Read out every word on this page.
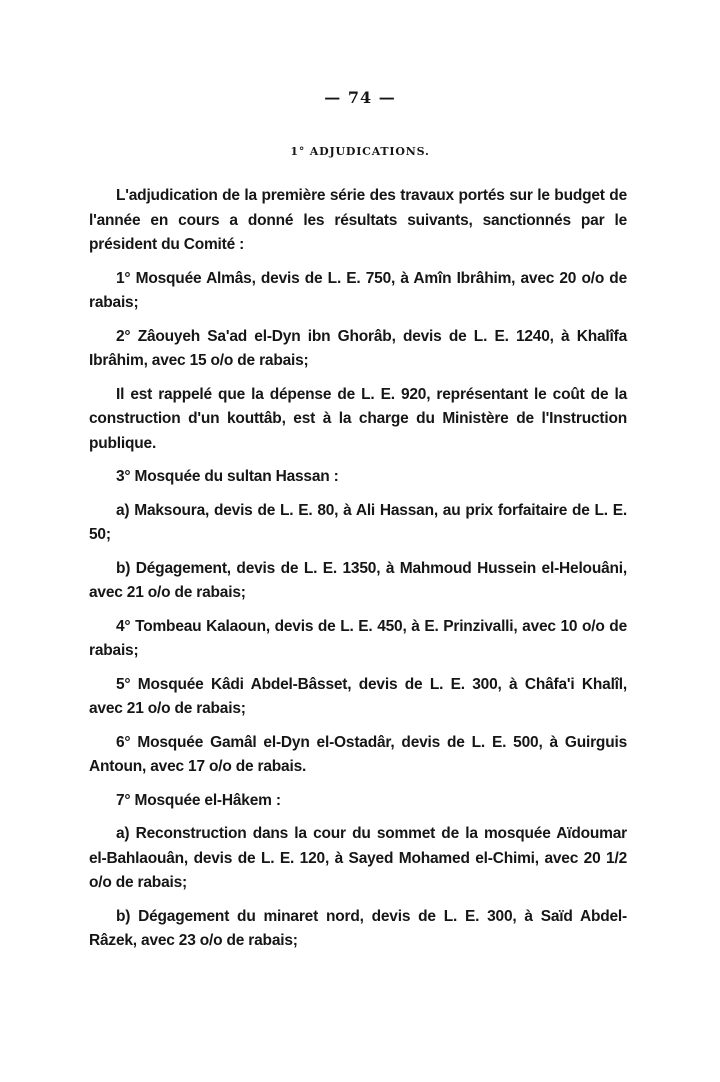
— 74 —
1° ADJUDICATIONS.

L'adjudication de la première série des travaux portés sur le budget de l'année en cours a donné les résultats suivants, sanctionnés par le président du Comité :

1° Mosquée Almâs, devis de L. E. 750, à Amîn Ibrâhim, avec 20 o/o de rabais;

2° Zâouyeh Sa'ad el-Dyn ibn Ghorâb, devis de L. E. 1240, à Khalîfa Ibrâhim, avec 15 o/o de rabais;

Il est rappelé que la dépense de L. E. 920, représentant le coût de la construction d'un kouttâb, est à la charge du Ministère de l'Instruction publique.

3° Mosquée du sultan Hassan :

a) Maksoura, devis de L. E. 80, à Ali Hassan, au prix forfaitaire de L. E. 50;

b) Dégagement, devis de L. E. 1350, à Mahmoud Hussein el-Helouâni, avec 21 o/o de rabais;

4° Tombeau Kalaoun, devis de L. E. 450, à E. Prinzivalli, avec 10 o/o de rabais;

5° Mosquée Kâdi Abdel-Bâsset, devis de L. E. 300, à Châfa'i Khalîl, avec 21 o/o de rabais;

6° Mosquée Gamâl el-Dyn el-Ostadâr, devis de L. E. 500, à Guirguis Antoun, avec 17 o/o de rabais.

7° Mosquée el-Hâkem :

a) Reconstruction dans la cour du sommet de la mosquée Aïdoumar el-Bahlaouân, devis de L. E. 120, à Sayed Mohamed el-Chimi, avec 20 1/2 o/o de rabais;

b) Dégagement du minaret nord, devis de L. E. 300, à Saïd Abdel-Râzek, avec 23 o/o de rabais;
